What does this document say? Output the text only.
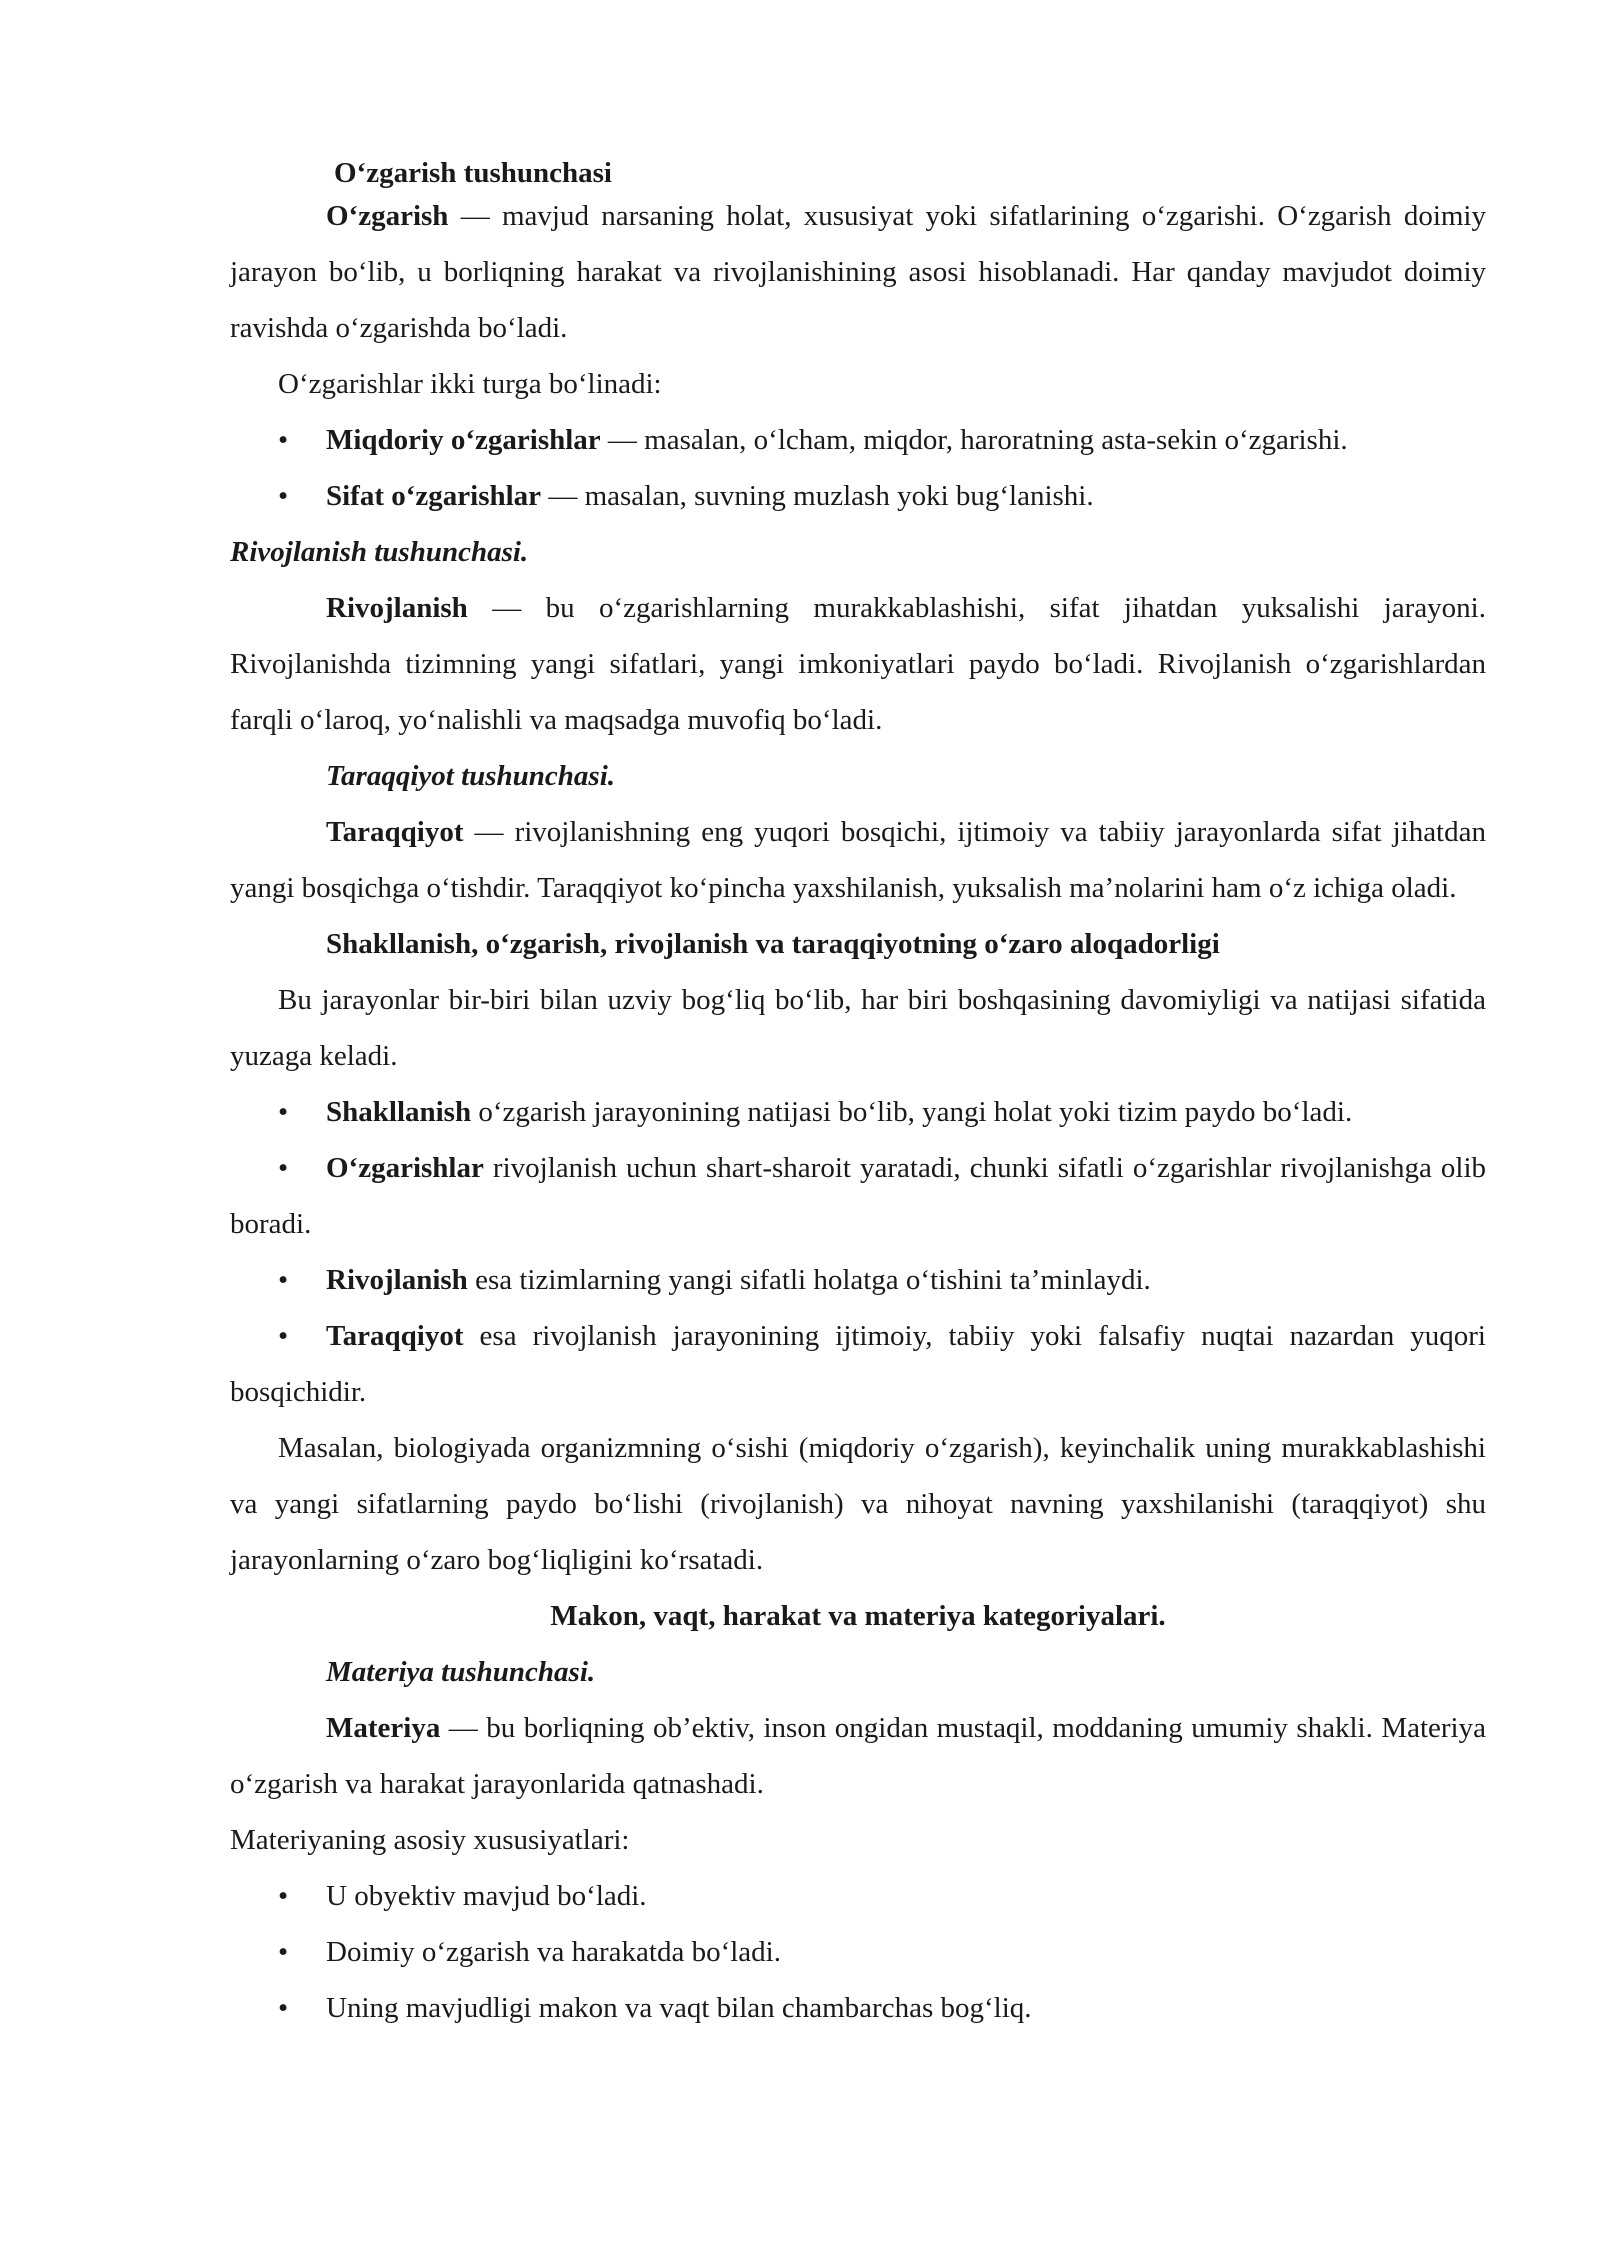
O‘zgarish tushunchasi

O‘zgarish — mavjud narsaning holat, xususiyat yoki sifatlarining o‘zgarishi. O‘zgarish doimiy jarayon bo‘lib, u borliqning harakat va rivojlanishining asosi hisoblanadi. Har qanday mavjudot doimiy ravishda o‘zgarishda bo‘ladi.

O‘zgarishlar ikki turga bo‘linadi:

• Miqdoriy o‘zgarishlar — masalan, o‘lcham, miqdor, haroratning asta-sekin o‘zgarishi.

• Sifat o‘zgarishlar — masalan, suvning muzlash yoki bug‘lanishi.

Rivojlanish tushunchasi.

Rivojlanish — bu o‘zgarishlarning murakkablashishi, sifat jihatdan yuksalishi jarayoni. Rivojlanishda tizimning yangi sifatlari, yangi imkoniyatlari paydo bo‘ladi. Rivojlanish o‘zgarishlardan farqli o‘laroq, yo‘nalishli va maqsadga muvofiq bo‘ladi.

Taraqqiyot tushunchasi.

Taraqqiyot — rivojlanishning eng yuqori bosqichi, ijtimoiy va tabiiy jarayonlarda sifat jihatdan yangi bosqichga o‘tishdir. Taraqqiyot ko‘pincha yaxshilanish, yuksalish ma’nolarini ham o‘z ichiga oladi.

Shakllanish, o‘zgarish, rivojlanish va taraqqiyotning o‘zaro aloqadorligi

Bu jarayonlar bir-biri bilan uzviy bog‘liq bo‘lib, har biri boshqasining davomiyligi va natijasi sifatida yuzaga keladi.

• Shakllanish o‘zgarish jarayonining natijasi bo‘lib, yangi holat yoki tizim paydo bo‘ladi.

• O‘zgarishlar rivojlanish uchun shart-sharoit yaratadi, chunki sifatli o‘zgarishlar rivojlanishga olib boradi.

• Rivojlanish esa tizimlarning yangi sifatli holatga o‘tishini ta’minlaydi.

• Taraqqiyot esa rivojlanish jarayonining ijtimoiy, tabiiy yoki falsafiy nuqtai nazardan yuqori bosqichidir.

Masalan, biologiyada organizmning o‘sishi (miqdoriy o‘zgarish), keyinchalik uning murakkablashishi va yangi sifatlarning paydo bo‘lishi (rivojlanish) va nihoyat navning yaxshilanishi (taraqqiyot) shu jarayonlarning o‘zaro bog‘liqligini ko‘rsatadi.

Makon, vaqt, harakat va materiya kategoriyalari.

Materiya tushunchasi.

Materiya — bu borliqning ob’ektiv, inson ongidan mustaqil, moddaning umumiy shakli. Materiya o‘zgarish va harakat jarayonlarida qatnashadi.

Materiyaning asosiy xususiyatlari:

• U obyektiv mavjud bo‘ladi.

• Doimiy o‘zgarish va harakatda bo‘ladi.

• Uning mavjudligi makon va vaqt bilan chambarchas bog‘liq.
